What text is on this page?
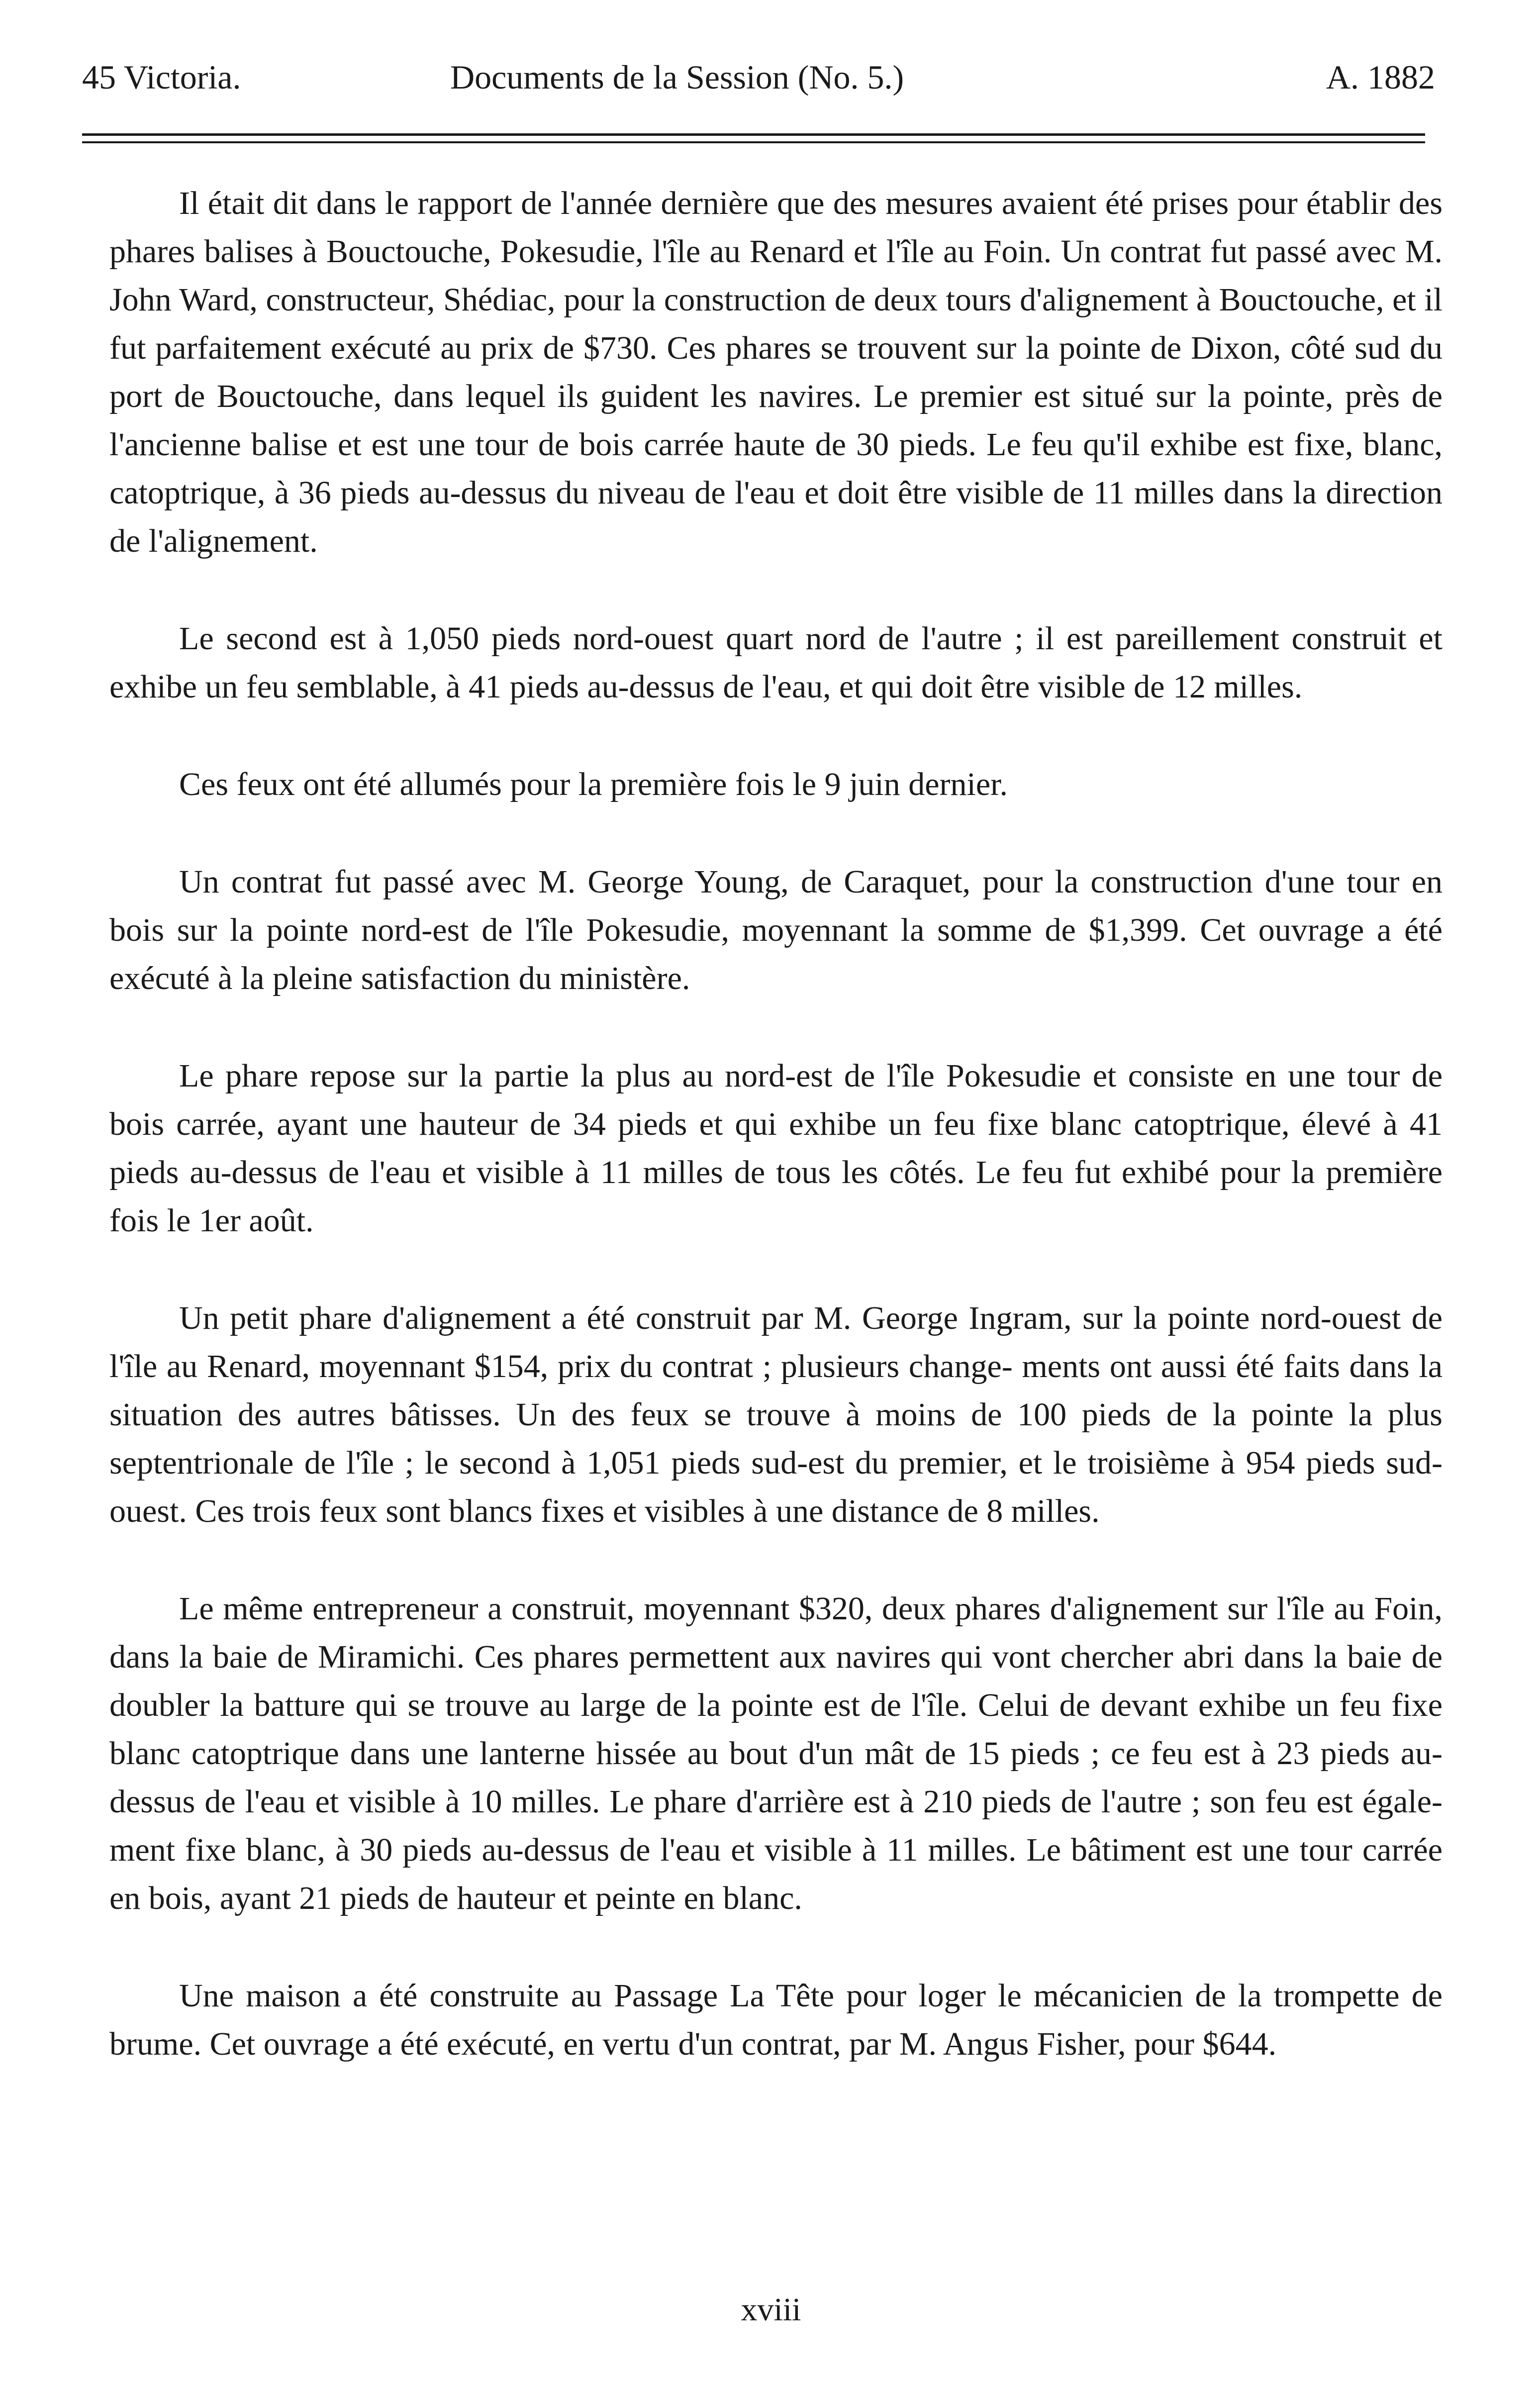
45 Victoria.	Documents de la Session (No. 5.)	A. 1882

Il était dit dans le rapport de l'année dernière que des mesures avaient été prises pour établir des phares balises à Bouctouche, Pokesudie, l'île au Renard et l'île au Foin. Un contrat fut passé avec M. John Ward, constructeur, Shédiac, pour la construction de deux tours d'alignement à Bouctouche, et il fut parfaitement exécuté au prix de $730. Ces phares se trouvent sur la pointe de Dixon, côté sud du port de Bouctouche, dans lequel ils guident les navires. Le premier est situé sur la pointe, près de l'ancienne balise et est une tour de bois carrée haute de 30 pieds. Le feu qu'il exhibe est fixe, blanc, catoptrique, à 36 pieds au-dessus du niveau de l'eau et doit être visible de 11 milles dans la direction de l'alignement.

Le second est à 1,050 pieds nord-ouest quart nord de l'autre ; il est pareillement construit et exhibe un feu semblable, à 41 pieds au-dessus de l'eau, et qui doit être visible de 12 milles.

Ces feux ont été allumés pour la première fois le 9 juin dernier.

Un contrat fut passé avec M. George Young, de Caraquet, pour la construction d'une tour en bois sur la pointe nord-est de l'île Pokesudie, moyennant la somme de $1,399. Cet ouvrage a été exécuté à la pleine satisfaction du ministère.

Le phare repose sur la partie la plus au nord-est de l'île Pokesudie et consiste en une tour de bois carrée, ayant une hauteur de 34 pieds et qui exhibe un feu fixe blanc catoptrique, élevé à 41 pieds au-dessus de l'eau et visible à 11 milles de tous les côtés. Le feu fut exhibé pour la première fois le 1er août.

Un petit phare d'alignement a été construit par M. George Ingram, sur la pointe nord-ouest de l'île au Renard, moyennant $154, prix du contrat ; plusieurs change- ments ont aussi été faits dans la situation des autres bâtisses. Un des feux se trouve à moins de 100 pieds de la pointe la plus septentrionale de l'île ; le second à 1,051 pieds sud-est du premier, et le troisième à 954 pieds sud-ouest. Ces trois feux sont blancs fixes et visibles à une distance de 8 milles.

Le même entrepreneur a construit, moyennant $320, deux phares d'alignement sur l'île au Foin, dans la baie de Miramichi. Ces phares permettent aux navires qui vont chercher abri dans la baie de doubler la batture qui se trouve au large de la pointe est de l'île. Celui de devant exhibe un feu fixe blanc catoptrique dans une lanterne hissée au bout d'un mât de 15 pieds ; ce feu est à 23 pieds au-dessus de l'eau et visible à 10 milles. Le phare d'arrière est à 210 pieds de l'autre ; son feu est égale- ment fixe blanc, à 30 pieds au-dessus de l'eau et visible à 11 milles. Le bâtiment est une tour carrée en bois, ayant 21 pieds de hauteur et peinte en blanc.

Une maison a été construite au Passage La Tête pour loger le mécanicien de la trompette de brume. Cet ouvrage a été exécuté, en vertu d'un contrat, par M. Angus Fisher, pour $644.

xviii
